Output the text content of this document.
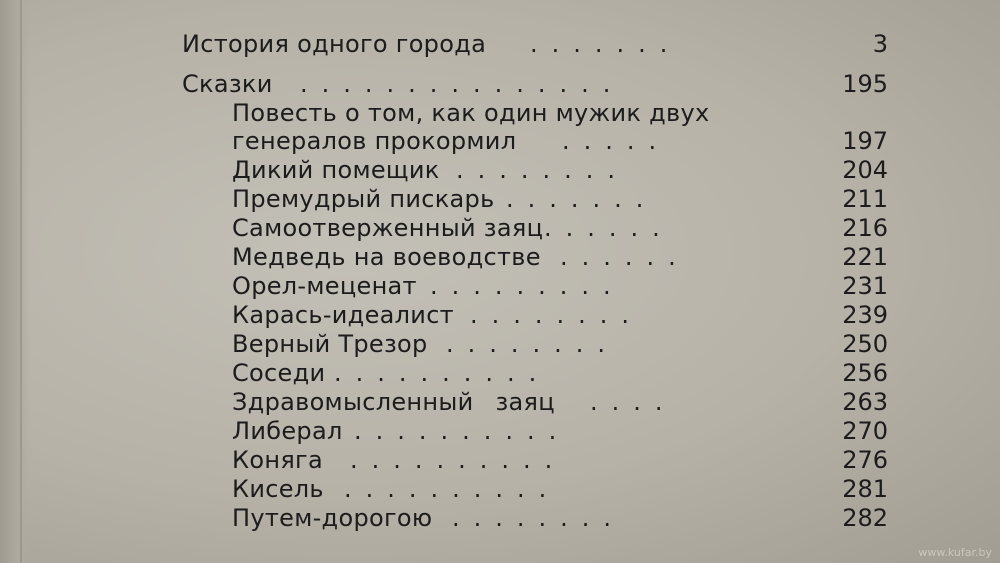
История одного города .......	3
Сказки ...............	195
Повесть о том, как один мужик двух
генералов прокормил .....	197
Дикий помещик ........	204
Премудрый пискарь .......	211
Самоотверженный заяц ......	216
Медведь на воеводстве ......	221
Орел-меценат .........	231
Карась-идеалист ........	239
Верный Трезор ........	250
Соседи ..........	256
Здравомысленный заяц ....	263
Либерал ..........	270
Коняга ..........	276
Кисель ..........	281
Путем-дорогою ........	282
www.kufar.by
